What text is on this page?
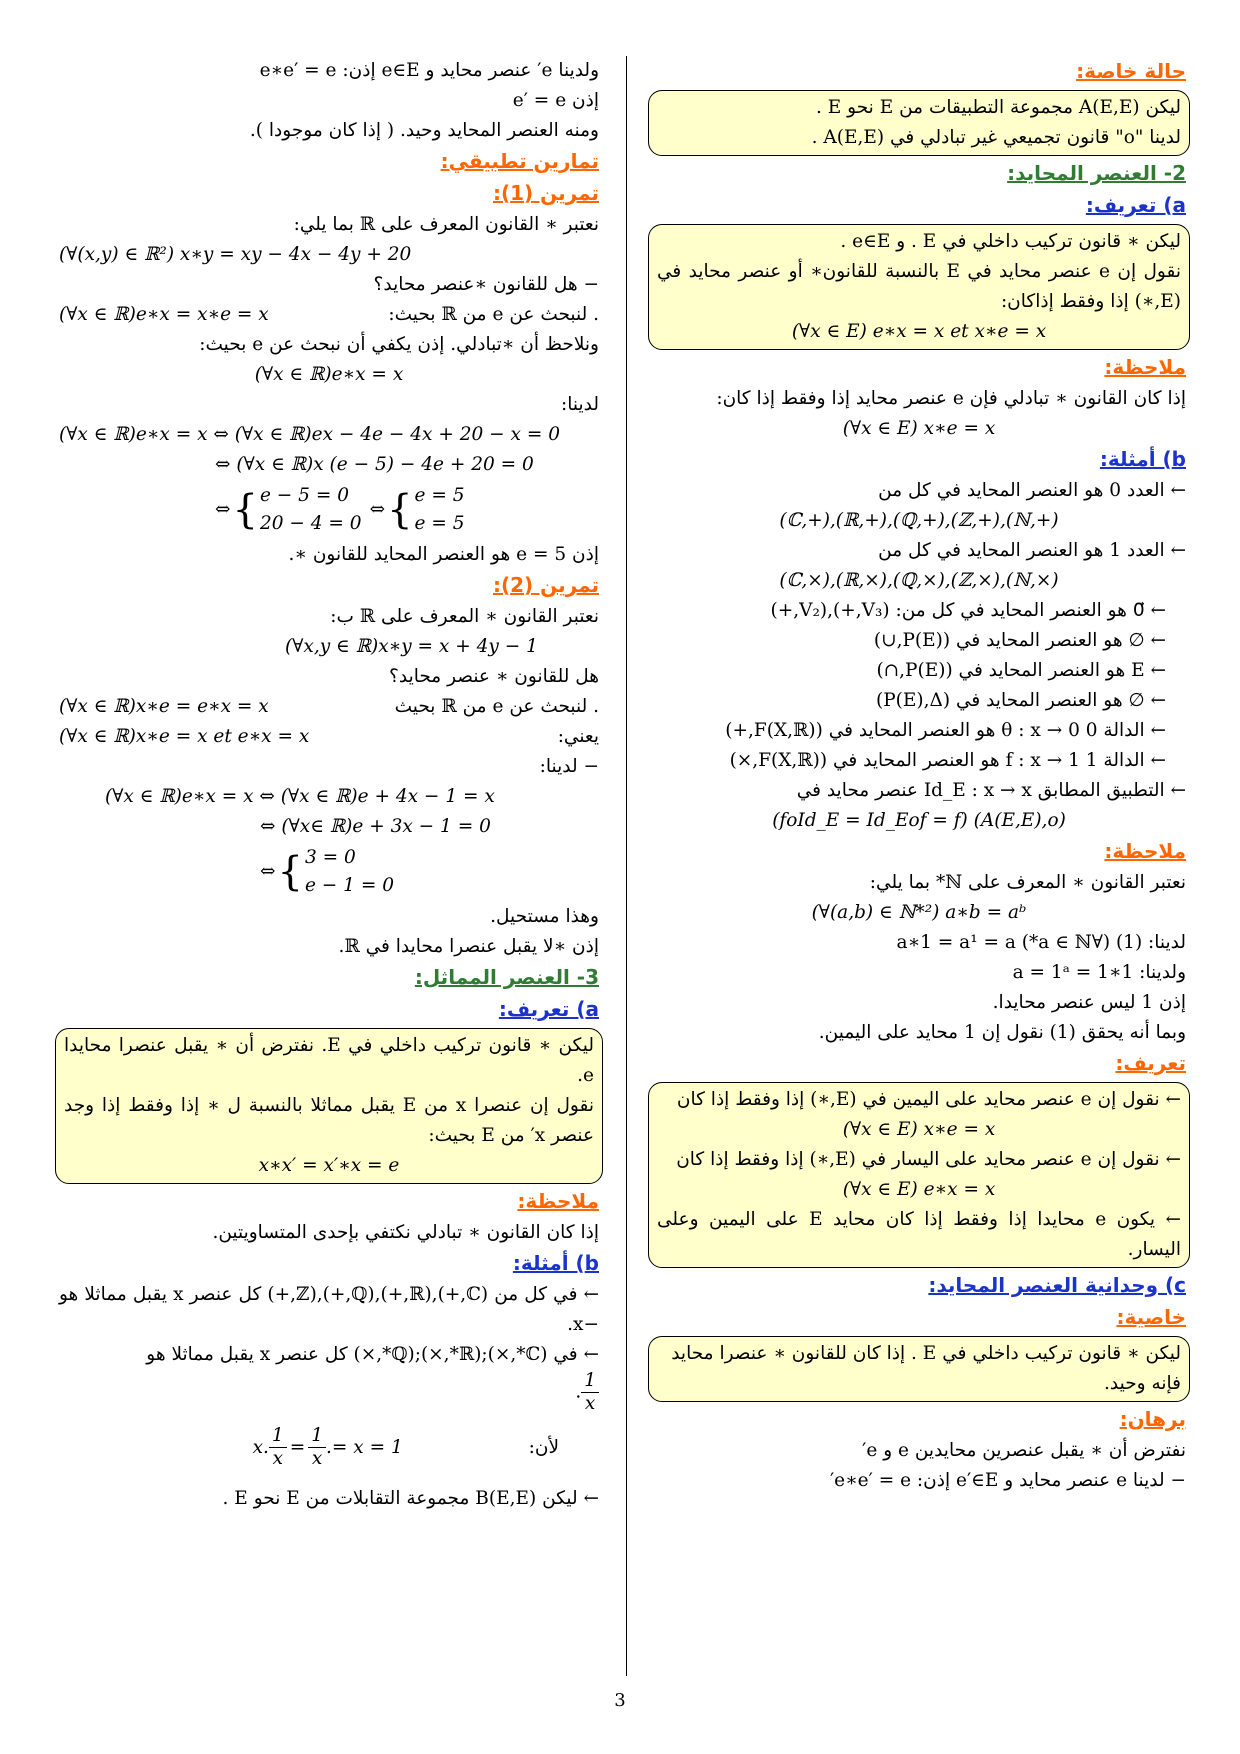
حالة خاصة:
ليكن A(E,E) مجموعة التطبيقات من E نحو E .
لدينا "o" قانون تجميعي غير تبادلي في A(E,E) .
2- العنصر المحايد:
a) تعريف:
ليكن ∗ قانون تركيب داخلي في E . و e∈E .
نقول إن e عنصر محايد في E بالنسبة للقانون∗ أو عنصر محايد في (E,∗) إذا وفقط إذاكان:
(∀x ∈ E) e∗x = x et x∗e = x
ملاحظة:
إذا كان القانون ∗ تبادلي فإن e عنصر محايد إذا وفقط إذا كان:
(∀x ∈ E) x∗e = x
b) أمثلة:
← العدد 0 هو العنصر المحايد في كل من
(ℂ,+),(ℝ,+),(ℚ,+),(ℤ,+),(ℕ,+)
← العدد 1 هو العنصر المحايد في كل من
(ℂ,×),(ℝ,×),(ℚ,×),(ℤ,×),(ℕ,×)
← 0⃗ هو العنصر المحايد في كل من: (V₃,+),(V₂,+)
← ∅ هو العنصر المحايد في (P(E),∪)
← E هو العنصر المحايد في (P(E),∩)
← ∅ هو العنصر المحايد في (P(E),Δ)
← الدالة 0 θ : x → 0 هو العنصر المحايد في (F(X,ℝ),+)
← الدالة 1 f : x → 1 هو العنصر المحايد في (F(X,ℝ),×)
← التطبيق المطابق Id_E : x → x عنصر محايد في
(foId_E = Id_Eof = f) (A(E,E),o)
ملاحظة:
نعتبر القانون ∗ المعرف على ℕ* بما يلي:
(∀(a,b) ∈ ℕ*²) a∗b = aᵇ
لدينا: (1) (∀a ∈ ℕ*) a∗1 = a¹ = a
ولدينا: 1∗a = 1ᵃ = 1
إذن 1 ليس عنصر محايدا.
وبما أنه يحقق (1) نقول إن 1 محايد على اليمين.
تعريف:
← نقول إن e عنصر محايد على اليمين في (E,∗) إذا وفقط إذا كان
(∀x ∈ E) x∗e = x
← نقول إن e عنصر محايد على اليسار في (E,∗) إذا وفقط إذا كان
(∀x ∈ E) e∗x = x
← يكون e محايدا إذا وفقط إذا كان محايد E على اليمين وعلى اليسار.
c) وحدانية العنصر المحايد:
خاصية:
ليكن ∗ قانون تركيب داخلي في E . إذا كان للقانون ∗ عنصرا محايد فإنه وحيد.
برهان:
نفترض أن ∗ يقبل عنصرين محايدين e و e′
− لدينا e عنصر محايد و e′∈E إذن: e∗e′ = e′
ولدينا e′ عنصر محايد و e∈E إذن: e∗e′ = e
إذن e′ = e
ومنه العنصر المحايد وحيد. ( إذا كان موجودا ).
تمارين تطبيقي:
تمرين (1):
نعتبر ∗ القانون المعرف على ℝ بما يلي:
(∀(x,y) ∈ ℝ²) x∗y = xy − 4x − 4y + 20
− هل للقانون ∗عنصر محايد؟
. لنبحث عن e من ℝ بحيث:
(∀x ∈ ℝ)e∗x = x∗e = x
ونلاحظ أن ∗تبادلي. إذن يكفي أن نبحث عن e بحيث:
(∀x ∈ ℝ)e∗x = x
لدينا:
(∀x ∈ ℝ)e∗x = x ⇔ (∀x ∈ ℝ)ex − 4e − 4x + 20 − x = 0
⇔ (∀x ∈ ℝ)x (e − 5) − 4e + 20 = 0
⇔ { e − 5 = 0
20 − 4 = 0
⇔ { e = 5
e = 5
إذن e = 5 هو العنصر المحايد للقانون ∗.
تمرين (2):
نعتبر القانون ∗ المعرف على ℝ ب:
(∀x,y ∈ ℝ)x∗y = x + 4y − 1
هل للقانون ∗ عنصر محايد؟
. لنبحث عن e من ℝ بحيث
(∀x ∈ ℝ)x∗e = e∗x = x
يعني:
(∀x ∈ ℝ)x∗e = x et e∗x = x
− لدينا:
(∀x ∈ ℝ)e∗x = x ⇔ (∀x ∈ ℝ)e + 4x − 1 = x
⇔ (∀x∈ ℝ)e + 3x − 1 = 0
⇔ { 3 = 0
e − 1 = 0
وهذا مستحيل.
إذن ∗لا يقبل عنصرا محايدا في ℝ.
3- العنصر المماثل:
a) تعريف:
ليكن ∗ قانون تركيب داخلي في E. نفترض أن ∗ يقبل عنصرا محايدا e.
نقول إن عنصرا x من E يقبل مماثلا بالنسبة ل ∗ إذا وفقط إذا وجد عنصر x′ من E بحيث:
x∗x′ = x′∗x = e
ملاحظة:
إذا كان القانون ∗ تبادلي نكتفي بإحدى المتساويتين.
b) أمثلة:
← في كل من (ℂ,+),(ℝ,+),(ℚ,+),(ℤ,+) كل عنصر x يقبل مماثلا هو −x.
← في (ℂ*,×);(ℝ*,×);(ℚ*,×) كل عنصر x يقبل مماثلا هو
$\frac{1}{x}$
.
لأن:
x. $\frac{1}{x} = \frac{1}{x}$ . = x = 1
← ليكن B(E,E) مجموعة التقابلات من E نحو E .
3
